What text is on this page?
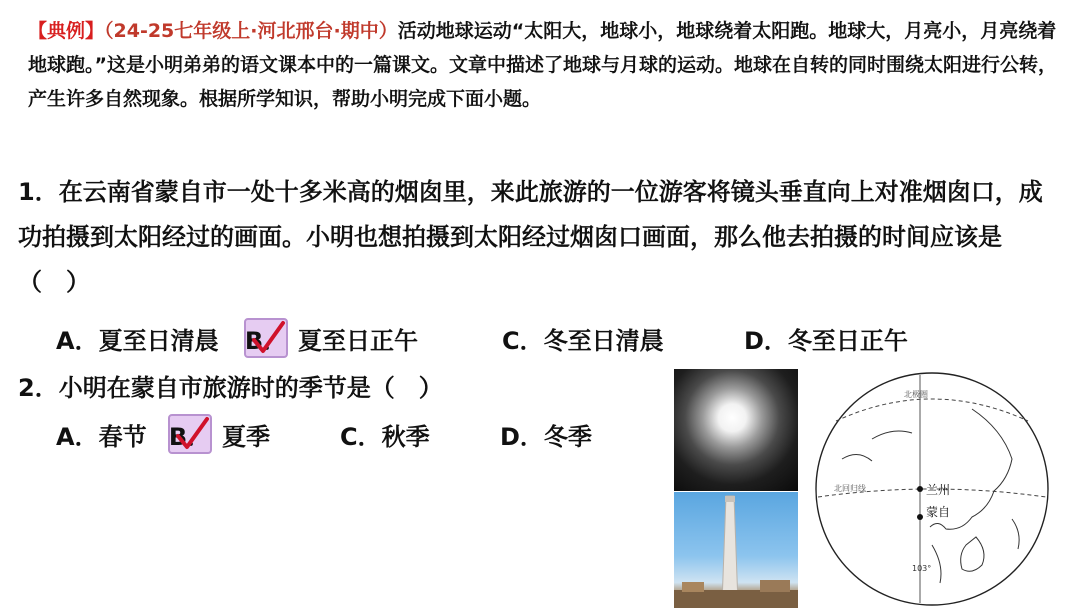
【典例】（24-25七年级上·河北邢台·期中）活动地球运动“太阳大，地球小，地球绕着太阳跑。地球大，月亮小，月亮绕着地球跑。”这是小明弟弟的语文课本中的一篇课文。文章中描述了地球与月球的运动。地球在自转的同时围绕太阳进行公转，产生许多自然现象。根据所学知识，帮助小明完成下面小题。
1．在云南省蒙自市一处十多米高的烟囱里，来此旅游的一位游客将镜头垂直向上对准烟囱口，成功拍摄到太阳经过的画面。小明也想拍摄到太阳经过烟囱口画面，那么他去拍摄的时间应该是（　）
A． 夏至日清晨 B． 夏至日正午	C． 冬至日清晨	D． 冬至日正午
2．小明在蒙自市旅游时的季节是（　）
A． 春节 B． 夏季	C． 秋季	D． 冬季
北极圈
北回归线
103°
兰州
蒙自
